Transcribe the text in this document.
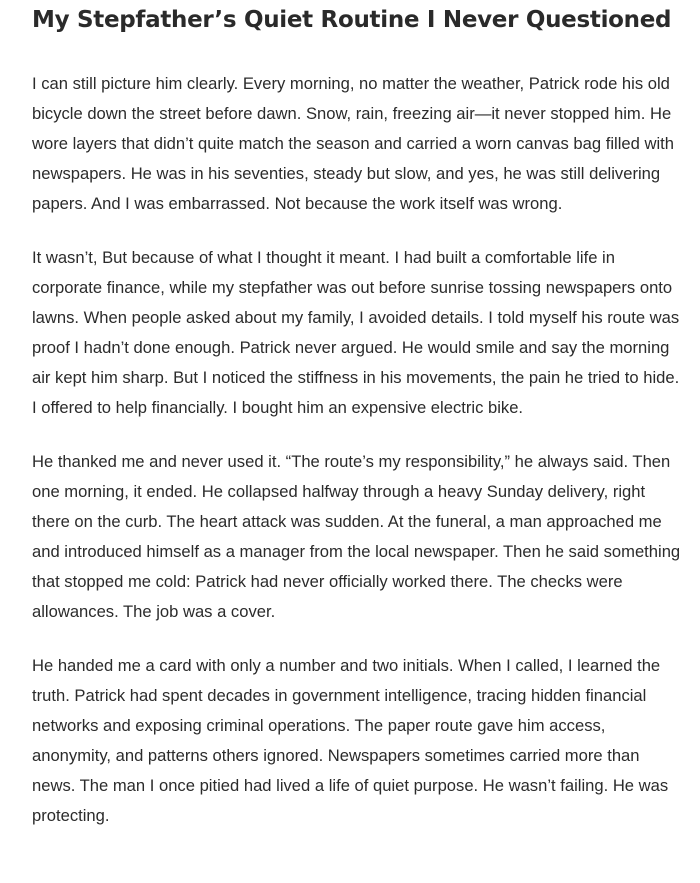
My Stepfather’s Quiet Routine I Never Questioned

I can still picture him clearly. Every morning, no matter the weather, Patrick rode his old bicycle down the street before dawn. Snow, rain, freezing air—it never stopped him. He wore layers that didn’t quite match the season and carried a worn canvas bag filled with newspapers. He was in his seventies, steady but slow, and yes, he was still delivering papers. And I was embarrassed. Not because the work itself was wrong.

It wasn’t, But because of what I thought it meant. I had built a comfortable life in corporate finance, while my stepfather was out before sunrise tossing newspapers onto lawns. When people asked about my family, I avoided details. I told myself his route was proof I hadn’t done enough. Patrick never argued. He would smile and say the morning air kept him sharp. But I noticed the stiffness in his movements, the pain he tried to hide. I offered to help financially. I bought him an expensive electric bike.

He thanked me and never used it. “The route’s my responsibility,” he always said. Then one morning, it ended. He collapsed halfway through a heavy Sunday delivery, right there on the curb. The heart attack was sudden. At the funeral, a man approached me and introduced himself as a manager from the local newspaper. Then he said something that stopped me cold: Patrick had never officially worked there. The checks were allowances. The job was a cover.

He handed me a card with only a number and two initials. When I called, I learned the truth. Patrick had spent decades in government intelligence, tracing hidden financial networks and exposing criminal operations. The paper route gave him access, anonymity, and patterns others ignored. Newspapers sometimes carried more than news. The man I once pitied had lived a life of quiet purpose. He wasn’t failing. He was protecting.
